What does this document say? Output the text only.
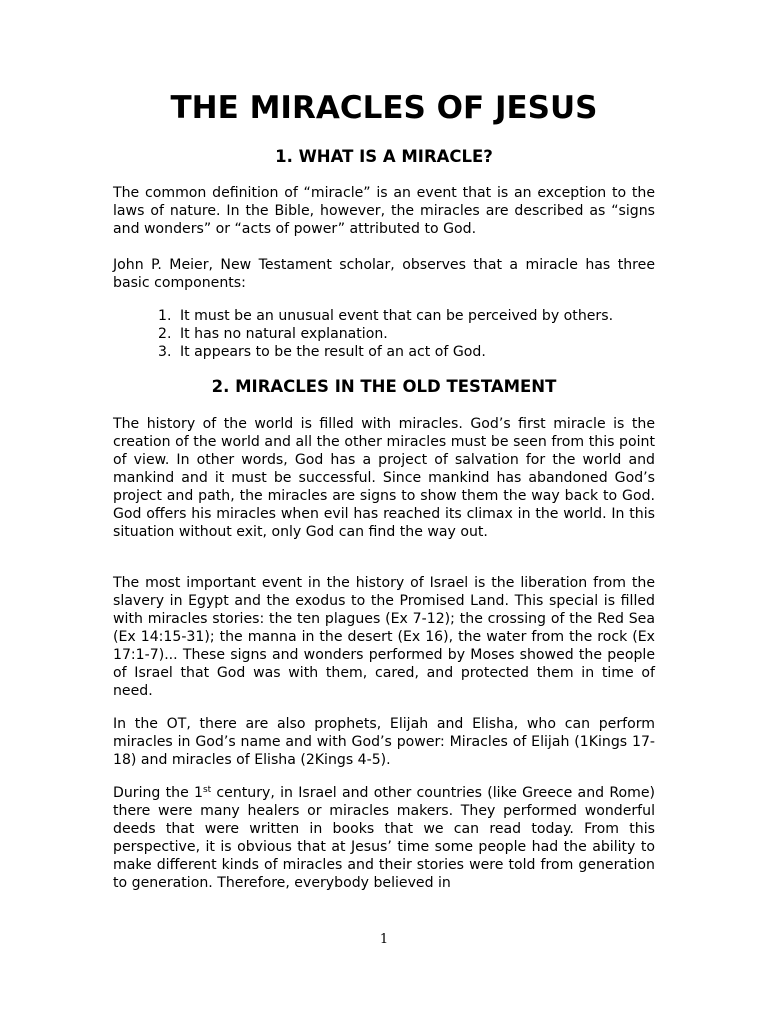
THE MIRACLES OF JESUS
1. WHAT IS A MIRACLE?

The common definition of “miracle” is an event that is an exception to the laws of nature. In the Bible, however, the miracles are described as “signs and wonders” or “acts of power” attributed to God.

John P. Meier, New Testament scholar, observes that a miracle has three basic components:

1. It must be an unusual event that can be perceived by others.
2. It has no natural explanation.
3. It appears to be the result of an act of God.
2. MIRACLES IN THE OLD TESTAMENT

The history of the world is filled with miracles. God’s first miracle is the creation of the world and all the other miracles must be seen from this point of view. In other words, God has a project of salvation for the world and mankind and it must be successful. Since mankind has abandoned God’s project and path, the miracles are signs to show them the way back to God. God offers his miracles when evil has reached its climax in the world. In this situation without exit, only God can find the way out.

The most important event in the history of Israel is the liberation from the slavery in Egypt and the exodus to the Promised Land. This special is filled with miracles stories: the ten plagues (Ex 7-12); the crossing of the Red Sea (Ex 14:15-31); the manna in the desert (Ex 16), the water from the rock (Ex 17:1-7)... These signs and wonders performed by Moses showed the people of Israel that God was with them, cared, and protected them in time of need.

In the OT, there are also prophets, Elijah and Elisha, who can perform miracles in God’s name and with God’s power: Miracles of Elijah (1Kings 17-18) and miracles of Elisha (2Kings 4-5).

During the 1st century, in Israel and other countries (like Greece and Rome) there were many healers or miracles makers. They performed wonderful deeds that were written in books that we can read today. From this perspective, it is obvious that at Jesus’ time some people had the ability to make different kinds of miracles and their stories were told from generation to generation. Therefore, everybody believed in

1
